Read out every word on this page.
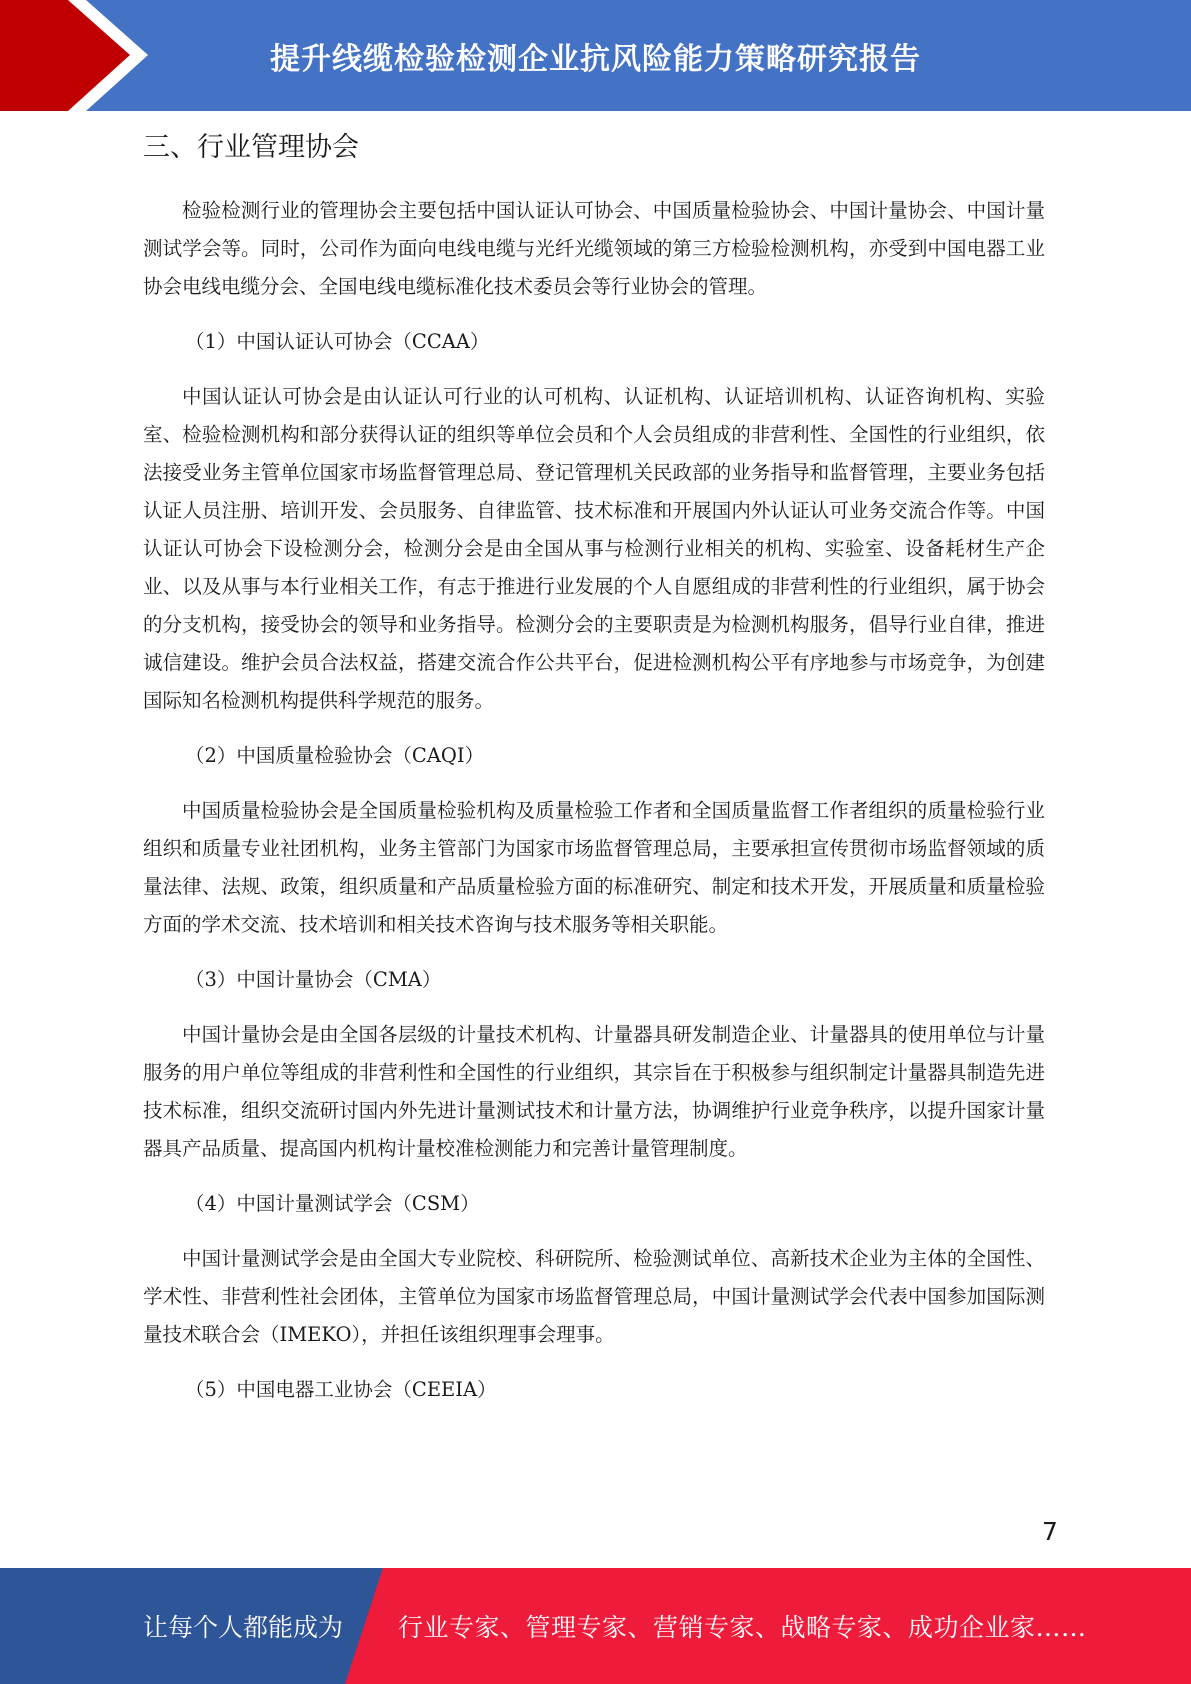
提升线缆检验检测企业抗风险能力策略研究报告
三、行业管理协会

检验检测行业的管理协会主要包括中国认证认可协会、中国质量检验协会、中国计量协会、中国计量测试学会等。同时，公司作为面向电线电缆与光纤光缆领域的第三方检验检测机构，亦受到中国电器工业协会电线电缆分会、全国电线电缆标准化技术委员会等行业协会的管理。

（1）中国认证认可协会（CCAA）

中国认证认可协会是由认证认可行业的认可机构、认证机构、认证培训机构、认证咨询机构、实验室、检验检测机构和部分获得认证的组织等单位会员和个人会员组成的非营利性、全国性的行业组织，依法接受业务主管单位国家市场监督管理总局、登记管理机关民政部的业务指导和监督管理，主要业务包括认证人员注册、培训开发、会员服务、自律监管、技术标准和开展国内外认证认可业务交流合作等。中国认证认可协会下设检测分会，检测分会是由全国从事与检测行业相关的机构、实验室、设备耗材生产企业、以及从事与本行业相关工作，有志于推进行业发展的个人自愿组成的非营利性的行业组织，属于协会的分支机构，接受协会的领导和业务指导。检测分会的主要职责是为检测机构服务，倡导行业自律，推进诚信建设。维护会员合法权益，搭建交流合作公共平台，促进检测机构公平有序地参与市场竞争，为创建国际知名检测机构提供科学规范的服务。

（2）中国质量检验协会（CAQI）

中国质量检验协会是全国质量检验机构及质量检验工作者和全国质量监督工作者组织的质量检验行业组织和质量专业社团机构，业务主管部门为国家市场监督管理总局，主要承担宣传贯彻市场监督领域的质量法律、法规、政策，组织质量和产品质量检验方面的标准研究、制定和技术开发，开展质量和质量检验方面的学术交流、技术培训和相关技术咨询与技术服务等相关职能。

（3）中国计量协会（CMA）

中国计量协会是由全国各层级的计量技术机构、计量器具研发制造企业、计量器具的使用单位与计量服务的用户单位等组成的非营利性和全国性的行业组织，其宗旨在于积极参与组织制定计量器具制造先进技术标准，组织交流研讨国内外先进计量测试技术和计量方法，协调维护行业竞争秩序，以提升国家计量器具产品质量、提高国内机构计量校准检测能力和完善计量管理制度。

（4）中国计量测试学会（CSM）

中国计量测试学会是由全国大专业院校、科研院所、检验测试单位、高新技术企业为主体的全国性、学术性、非营利性社会团体，主管单位为国家市场监督管理总局，中国计量测试学会代表中国参加国际测量技术联合会（IMEKO），并担任该组织理事会理事。

（5）中国电器工业协会（CEEIA）
7
让每个人都能成为 行业专家、管理专家、营销专家、战略专家、成功企业家……
